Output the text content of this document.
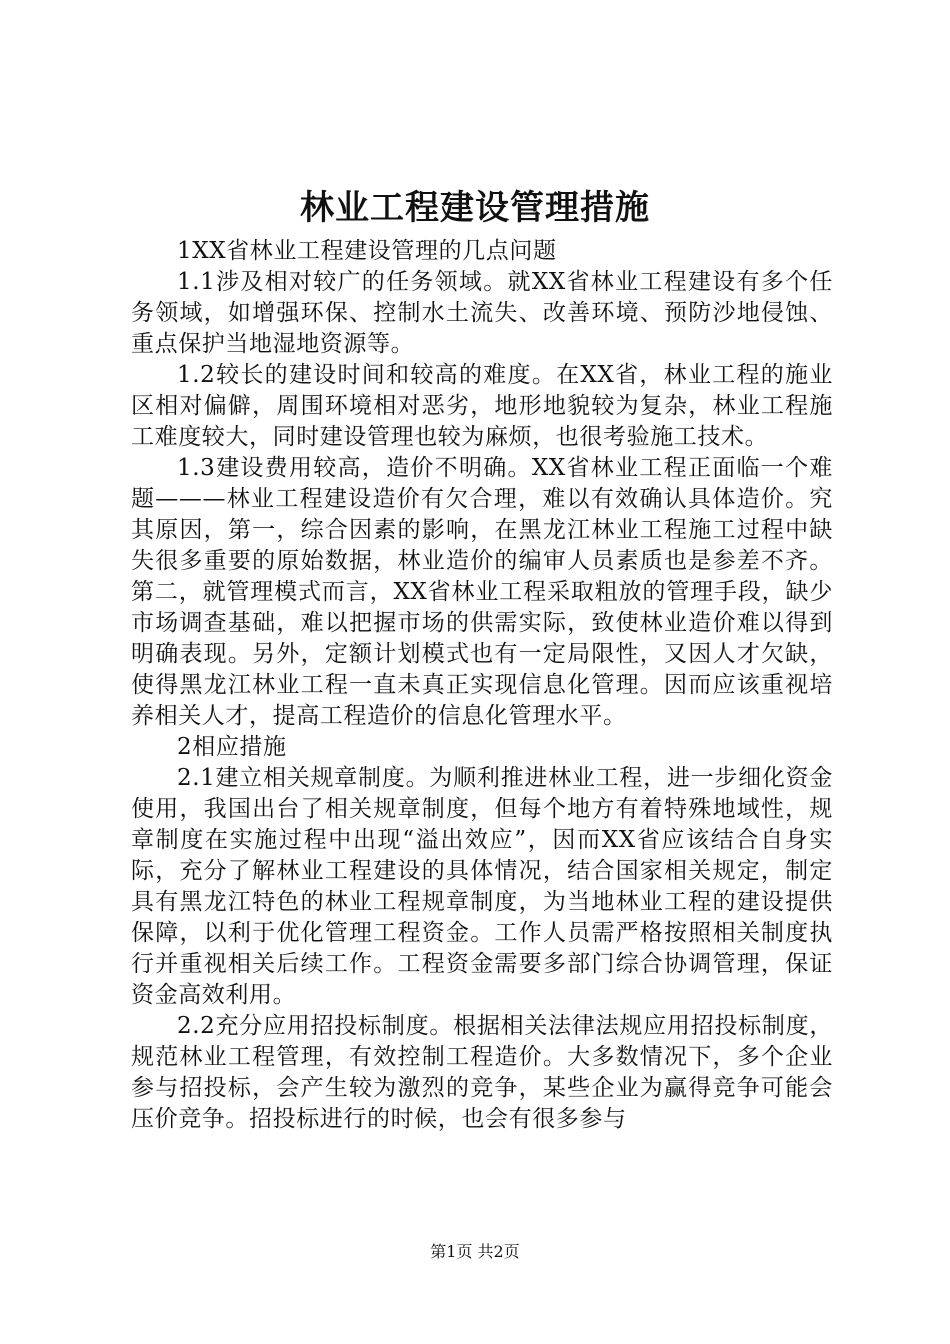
林业工程建设管理措施

1XX省林业工程建设管理的几点问题

1.1涉及相对较广的任务领域。就XX省林业工程建设有多个任务领域，如增强环保、控制水土流失、改善环境、预防沙地侵蚀、重点保护当地湿地资源等。

1.2较长的建设时间和较高的难度。在XX省，林业工程的施业区相对偏僻，周围环境相对恶劣，地形地貌较为复杂，林业工程施工难度较大，同时建设管理也较为麻烦，也很考验施工技术。

1.3建设费用较高，造价不明确。XX省林业工程正面临一个难题———林业工程建设造价有欠合理，难以有效确认具体造价。究其原因，第一，综合因素的影响，在黑龙江林业工程施工过程中缺失很多重要的原始数据，林业造价的编审人员素质也是参差不齐。第二，就管理模式而言，XX省林业工程采取粗放的管理手段，缺少市场调查基础，难以把握市场的供需实际，致使林业造价难以得到明确表现。另外，定额计划模式也有一定局限性，又因人才欠缺，使得黑龙江林业工程一直未真正实现信息化管理。因而应该重视培养相关人才，提高工程造价的信息化管理水平。

2相应措施

2.1建立相关规章制度。为顺利推进林业工程，进一步细化资金使用，我国出台了相关规章制度，但每个地方有着特殊地域性，规章制度在实施过程中出现“溢出效应”，因而XX省应该结合自身实际，充分了解林业工程建设的具体情况，结合国家相关规定，制定具有黑龙江特色的林业工程规章制度，为当地林业工程的建设提供保障，以利于优化管理工程资金。工作人员需严格按照相关制度执行并重视相关后续工作。工程资金需要多部门综合协调管理，保证资金高效利用。

2.2充分应用招投标制度。根据相关法律法规应用招投标制度，规范林业工程管理，有效控制工程造价。大多数情况下，多个企业参与招投标，会产生较为激烈的竞争，某些企业为赢得竞争可能会压价竞争。招投标进行的时候，也会有很多参与

第1页 共2页
